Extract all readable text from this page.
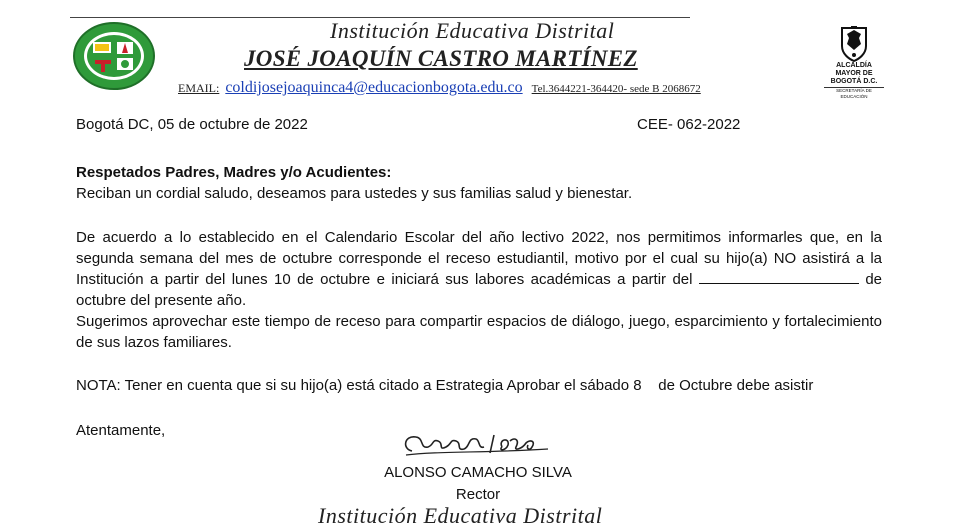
Institución Educativa Distrital
JOSÉ JOAQUÍN CASTRO MARTÍNEZ
EMAIL: coldijosejoaquinca4@educacionbogota.edu.co Tel.3644221-364420- sede B 2068672
ALCALDÍA MAYOR DE BOGOTÁ D.C.
SECRETARÍA DE EDUCACIÓN
Bogotá DC, 05 de octubre de 2022	CEE- 062-2022
Respetados Padres, Madres y/o Acudientes:
Reciban un cordial saludo, deseamos para ustedes y sus familias salud y bienestar.
De acuerdo a lo establecido en el Calendario Escolar del año lectivo 2022, nos permitimos informarles que, en la segunda semana del mes de octubre corresponde el receso estudiantil, motivo por el cual su hijo(a) NO asistirá a la Institución a partir del lunes 10 de octubre e iniciará sus labores académicas a partir del	de octubre del presente año.
Sugerimos aprovechar este tiempo de receso para compartir espacios de diálogo, juego, esparcimiento y fortalecimiento de sus lazos familiares.
NOTA: Tener en cuenta que si su hijo(a) está citado a Estrategia Aprobar el sábado 8    de Octubre debe asistir
Atentamente,
ALONSO CAMACHO SILVA
Rector
Institución Educativa Distrital
